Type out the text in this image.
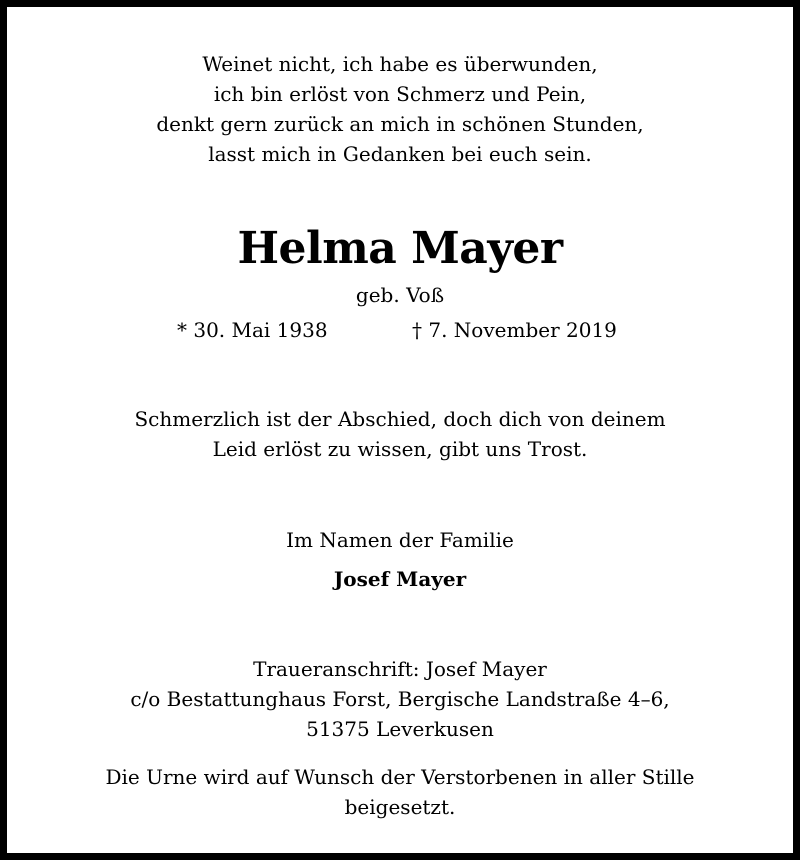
Weinet nicht, ich habe es überwunden,
ich bin erlöst von Schmerz und Pein,
denkt gern zurück an mich in schönen Stunden,
lasst mich in Gedanken bei euch sein.
Helma Mayer
geb. Voß
* 30. Mai 1938	† 7. November 2019
Schmerzlich ist der Abschied, doch dich von deinem
Leid erlöst zu wissen, gibt uns Trost.
Im Namen der Familie
Josef Mayer
Traueranschrift: Josef Mayer
c/o Bestattunghaus Forst, Bergische Landstraße 4–6,
51375 Leverkusen
Die Urne wird auf Wunsch der Verstorbenen in aller Stille
beigesetzt.
